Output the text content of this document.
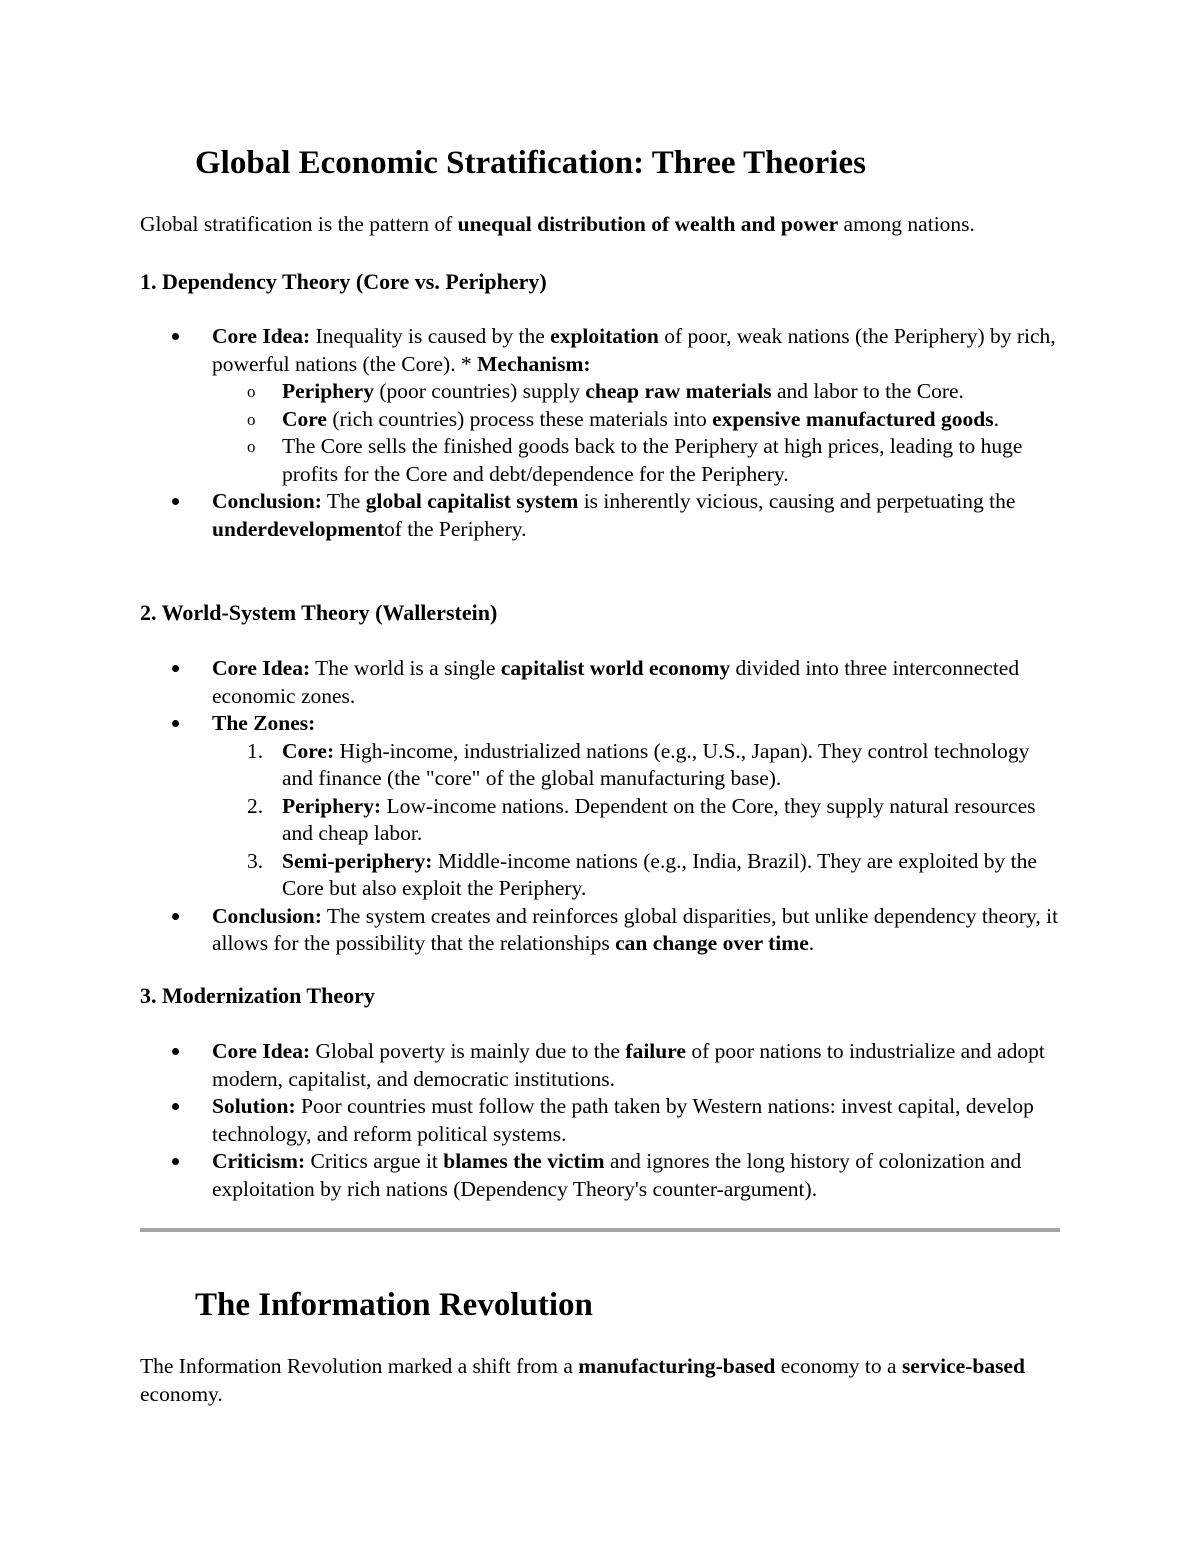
Global Economic Stratification: Three Theories

Global stratification is the pattern of unequal distribution of wealth and power among nations.

1. Dependency Theory (Core vs. Periphery)
Core Idea: Inequality is caused by the exploitation of poor, weak nations (the Periphery) by rich, powerful nations (the Core). * Mechanism:
o	Periphery (poor countries) supply cheap raw materials and labor to the Core.
o	Core (rich countries) process these materials into expensive manufactured goods.
o	The Core sells the finished goods back to the Periphery at high prices, leading to huge profits for the Core and debt/dependence for the Periphery.
Conclusion: The global capitalist system is inherently vicious, causing and perpetuating the underdevelopmentof the Periphery.
2. World-System Theory (Wallerstein)
Core Idea: The world is a single capitalist world economy divided into three interconnected economic zones.
The Zones:
1. Core: High-income, industrialized nations (e.g., U.S., Japan). They control technology and finance (the "core" of the global manufacturing base).
2. Periphery: Low-income nations. Dependent on the Core, they supply natural resources and cheap labor.
3. Semi-periphery: Middle-income nations (e.g., India, Brazil). They are exploited by the Core but also exploit the Periphery.
Conclusion: The system creates and reinforces global disparities, but unlike dependency theory, it allows for the possibility that the relationships can change over time.
3. Modernization Theory
Core Idea: Global poverty is mainly due to the failure of poor nations to industrialize and adopt modern, capitalist, and democratic institutions.
Solution: Poor countries must follow the path taken by Western nations: invest capital, develop technology, and reform political systems.
Criticism: Critics argue it blames the victim and ignores the long history of colonization and exploitation by rich nations (Dependency Theory's counter-argument).

The Information Revolution marked a shift from a manufacturing-based economy to a service-based economy.

The Information Revolution
